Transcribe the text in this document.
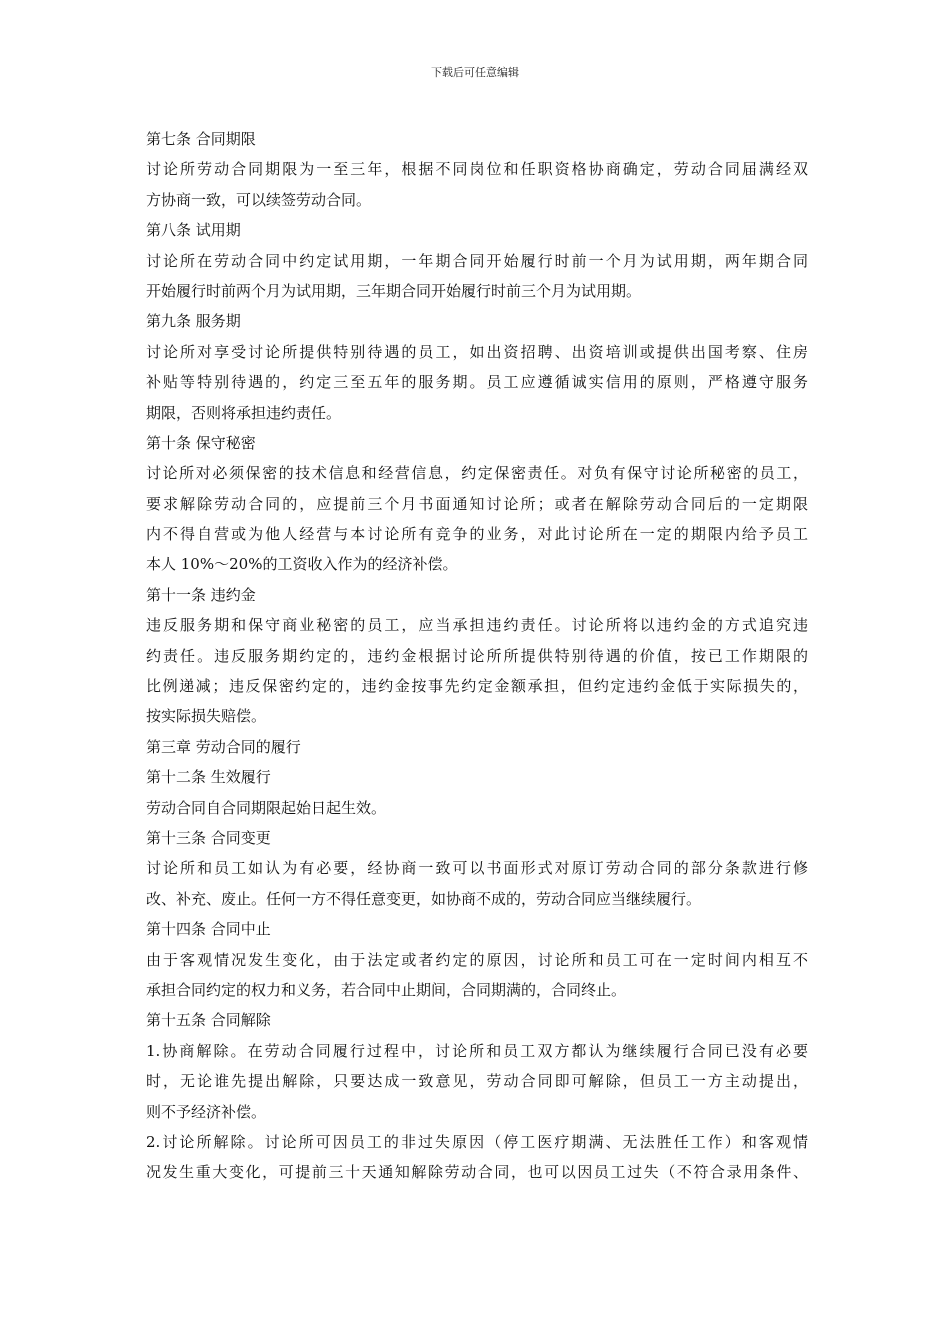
下载后可任意编辑
第七条 合同期限
讨论所劳动合同期限为一至三年，根据不同岗位和任职资格协商确定，劳动合同届满经双
方协商一致，可以续签劳动合同。
第八条 试用期
讨论所在劳动合同中约定试用期，一年期合同开始履行时前一个月为试用期，两年期合同
开始履行时前两个月为试用期，三年期合同开始履行时前三个月为试用期。
第九条 服务期
讨论所对享受讨论所提供特别待遇的员工，如出资招聘、出资培训或提供出国考察、住房
补贴等特别待遇的，约定三至五年的服务期。员工应遵循诚实信用的原则，严格遵守服务
期限，否则将承担违约责任。
第十条 保守秘密
讨论所对必须保密的技术信息和经营信息，约定保密责任。对负有保守讨论所秘密的员工，
要求解除劳动合同的，应提前三个月书面通知讨论所；或者在解除劳动合同后的一定期限
内不得自营或为他人经营与本讨论所有竞争的业务，对此讨论所在一定的期限内给予员工
本人 10%～20%的工资收入作为的经济补偿。
第十一条 违约金
违反服务期和保守商业秘密的员工，应当承担违约责任。讨论所将以违约金的方式追究违
约责任。违反服务期约定的，违约金根据讨论所所提供特别待遇的价值，按已工作期限的
比例递减；违反保密约定的，违约金按事先约定金额承担，但约定违约金低于实际损失的，
按实际损失赔偿。
第三章 劳动合同的履行
第十二条 生效履行
劳动合同自合同期限起始日起生效。
第十三条 合同变更
讨论所和员工如认为有必要，经协商一致可以书面形式对原订劳动合同的部分条款进行修
改、补充、废止。任何一方不得任意变更，如协商不成的，劳动合同应当继续履行。
第十四条 合同中止
由于客观情况发生变化，由于法定或者约定的原因，讨论所和员工可在一定时间内相互不
承担合同约定的权力和义务，若合同中止期间，合同期满的，合同终止。
第十五条 合同解除
1.协商解除。在劳动合同履行过程中，讨论所和员工双方都认为继续履行合同已没有必要
时，无论谁先提出解除，只要达成一致意见，劳动合同即可解除，但员工一方主动提出，
则不予经济补偿。
2.讨论所解除。讨论所可因员工的非过失原因（停工医疗期满、无法胜任工作）和客观情
况发生重大变化，可提前三十天通知解除劳动合同，也可以因员工过失（不符合录用条件、
